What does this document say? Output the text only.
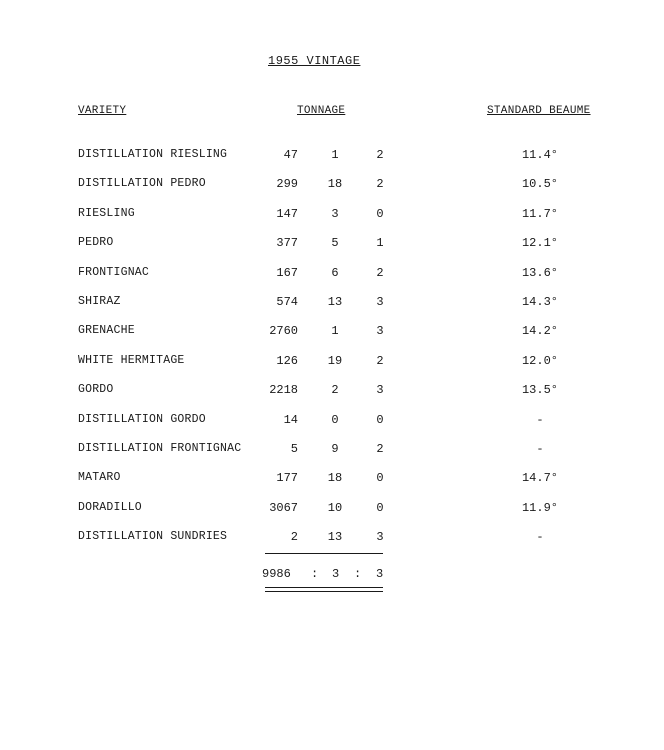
1955 VINTAGE
VARIETY	TONNAGE	STANDARD BEAUME
DISTILLATION RIESLING	47	1	2	11.4°
DISTILLATION PEDRO	299	18	2	10.5°
RIESLING	147	3	0	11.7°
PEDRO	377	5	1	12.1°
FRONTIGNAC	167	6	2	13.6°
SHIRAZ	574	13	3	14.3°
GRENACHE	2760	1	3	14.2°
WHITE HERMITAGE	126	19	2	12.0°
GORDO	2218	2	3	13.5°
DISTILLATION GORDO	14	0	0	-
DISTILLATION FRONTIGNAC	5	9	2	-
MATARO	177	18	0	14.7°
DORADILLO	3067	10	0	11.9°
DISTILLATION SUNDRIES	2	13	3	-
9986 : 3 : 3
